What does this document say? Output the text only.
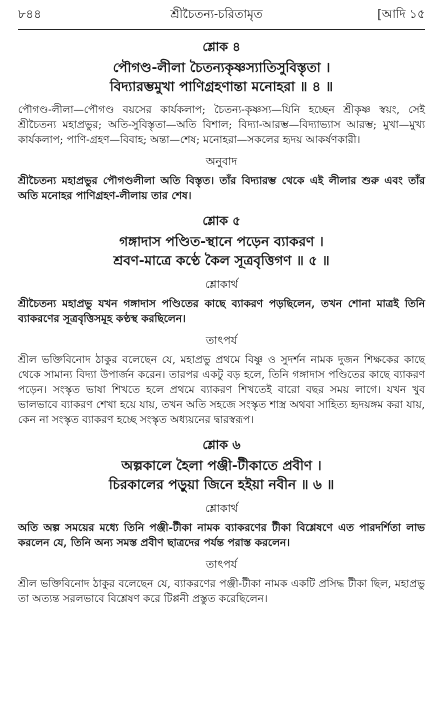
৮৪৪	শ্রীচৈতন্য-চরিতামৃত	[আদি ১৫
শ্লোক ৪
পৌগণ্ড-লীলা চৈতন্যকৃষ্ণস্যাতিসুবিস্তৃতা ।
বিদ্যারম্ভমুখা পাণিগ্রহণান্তা মনোহরা ॥ ৪ ॥

পৌগণ্ড-লীলা—পৌগণ্ড বয়সের কার্যকলাপ; চৈতন্য-কৃষ্ণস্য—যিনি হচ্ছেন শ্রীকৃষ্ণ স্বয়ং, সেই শ্রীচৈতন্য মহাপ্রভুর; অতি-সুবিস্তৃতা—অতি বিশাল; বিদ্যা-আরম্ভ—বিদ্যাভ্যাস আরম্ভ; মুখা—মুখ্য কার্যকলাপ; পাণি-গ্রহণ—বিবাহ; অন্তা—শেষ; মনোহরা—সকলের হৃদয় আকর্ষণকারী।

অনুবাদ

শ্রীচৈতন্য মহাপ্রভুর পৌগণ্ডলীলা অতি বিস্তৃত। তাঁর বিদ্যারম্ভ থেকে এই লীলার শুরু এবং তাঁর অতি মনোহর পাণিগ্রহণ-লীলায় তার শেষ।

শ্লোক ৫
গঙ্গাদাস পণ্ডিত-স্থানে পড়েন ব্যাকরণ ।
শ্রবণ-মাত্রে কণ্ঠে কৈল সূত্রবৃত্তিগণ ॥ ৫ ॥
শ্লোকার্থ

শ্রীচৈতন্য মহাপ্রভু যখন গঙ্গাদাস পণ্ডিতের কাছে ব্যাকরণ পড়ছিলেন, তখন শোনা মাত্রই তিনি ব্যাকরণের সূত্রবৃত্তিসমূহ কণ্ঠস্থ করছিলেন।

তাৎপর্য

শ্রীল ভক্তিবিনোদ ঠাকুর বলেছেন যে, মহাপ্রভু প্রথমে বিষ্ণু ও সুদর্শন নামক দুজন শিক্ষকের কাছে থেকে সামান্য বিদ্যা উপার্জন করেন। তারপর একটু বড় হলে, তিনি গঙ্গাদাস পণ্ডিতের কাছে ব্যাকরণ পড়েন। সংস্কৃত ভাষা শিখতে হলে প্রথমে ব্যাকরণ শিখতেই বারো বছর সময় লাগে। যখন খুব ভালভাবে ব্যাকরণ শেখা হয়ে যায়, তখন অতি সহজে সংস্কৃত শাস্ত্র অথবা সাহিত্য হৃদয়ঙ্গম করা যায়, কেন না সংস্কৃত ব্যাকরণ হচ্ছে সংস্কৃত অধ্যয়নের দ্বারস্বরূপ।

শ্লোক ৬
অল্পকালে হৈলা পঞ্জী-টীকাতে প্রবীণ ।
চিরকালের পড়ুয়া জিনে হইয়া নবীন ॥ ৬ ॥
শ্লোকার্থ

অতি অল্প সময়ের মধ্যে তিনি পঞ্জী-টীকা নামক ব্যাকরণের টীকা বিশ্লেষণে এত পারদর্শিতা লাভ করলেন যে, তিনি অন্য সমস্ত প্রবীণ ছাত্রদের পর্যন্ত পরাস্ত করলেন।

তাৎপর্য

শ্রীল ভক্তিবিনোদ ঠাকুর বলেছেন যে, ব্যাকরণের পঞ্জী-টীকা নামক একটি প্রসিদ্ধ টীকা ছিল, মহাপ্রভু তা অত্যন্ত সরলভাবে বিশ্লেষণ করে টিপ্পনী প্রস্তুত করেছিলেন।
